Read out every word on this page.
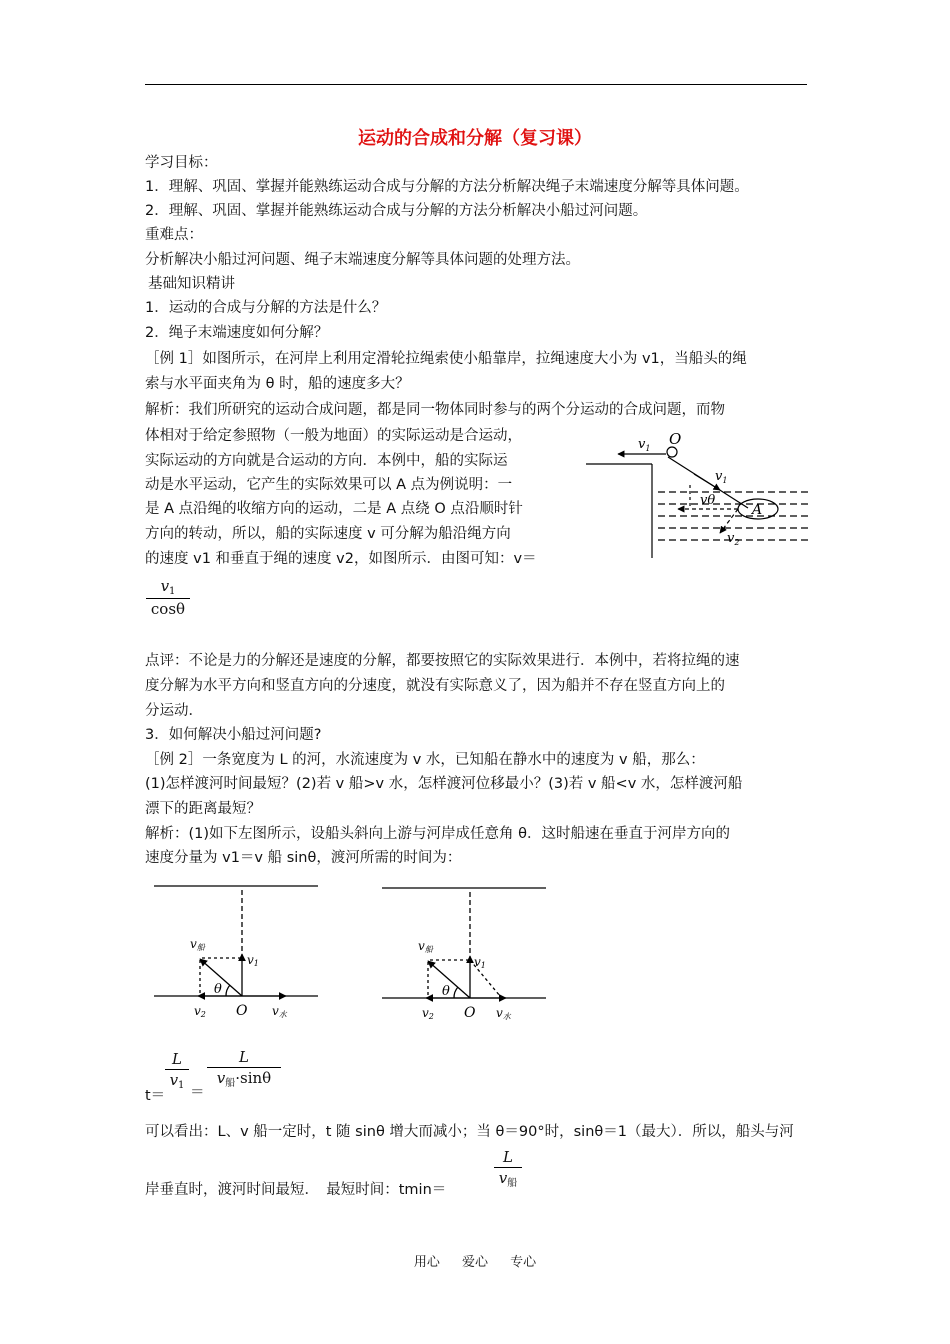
运动的合成和分解（复习课）
学习目标：
1．理解、巩固、掌握并能熟练运动合成与分解的方法分析解决绳子末端速度分解等具体问题。
2．理解、巩固、掌握并能熟练运动合成与分解的方法分析解决小船过河问题。
重难点：
分析解决小船过河问题、绳子末端速度分解等具体问题的处理方法。
基础知识精讲
1．运动的合成与分解的方法是什么？
2．绳子末端速度如何分解？
［例 1］如图所示，在河岸上利用定滑轮拉绳索使小船靠岸，拉绳速度大小为 v1，当船头的绳
索与水平面夹角为 θ 时，船的速度多大？
解析：我们所研究的运动合成问题，都是同一物体同时参与的两个分运动的合成问题，而物
体相对于给定参照物（一般为地面）的实际运动是合运动，
实际运动的方向就是合运动的方向．本例中，船的实际运
动是水平运动，它产生的实际效果可以 A 点为例说明：一
是 A 点沿绳的收缩方向的运动，二是 A 点绕 O 点沿顺时针
方向的转动，所以，船的实际速度 v 可分解为船沿绳方向
的速度 v1 和垂直于绳的速度 v2，如图所示．由图可知：v＝
$\frac{v_1}{\cos\theta}$
$v_1$
O
$v_1$
vθ
A
$v_2$
点评：不论是力的分解还是速度的分解，都要按照它的实际效果进行．本例中，若将拉绳的速
度分解为水平方向和竖直方向的分速度，就没有实际意义了，因为船并不存在竖直方向上的
分运动．
3．如何解决小船过河问题?
［例 2］一条宽度为 L 的河，水流速度为 v 水，已知船在静水中的速度为 v 船，那么：
(1)怎样渡河时间最短？(2)若 v 船>v 水，怎样渡河位移最小？(3)若 v 船<v 水，怎样渡河船
漂下的距离最短？
解析：(1)如下左图所示，设船头斜向上游与河岸成任意角 θ．这时船速在垂直于河岸方向的
速度分量为 v1＝v 船 sinθ，渡河所需的时间为：
v船
v1
θ
v2 O v水
v船
v1
θ
v2 O v水
t＝
$\frac{L}{v_1}$
＝
L
$v_船\cdot\sin\theta$
可以看出：L、v 船一定时，t 随 sinθ 增大而减小；当 θ＝90°时，sinθ＝1（最大）．所以，船头与河
岸垂直时，渡河时间最短．　最短时间：tmin＝
L
$v_船$
用心 爱心 专心
